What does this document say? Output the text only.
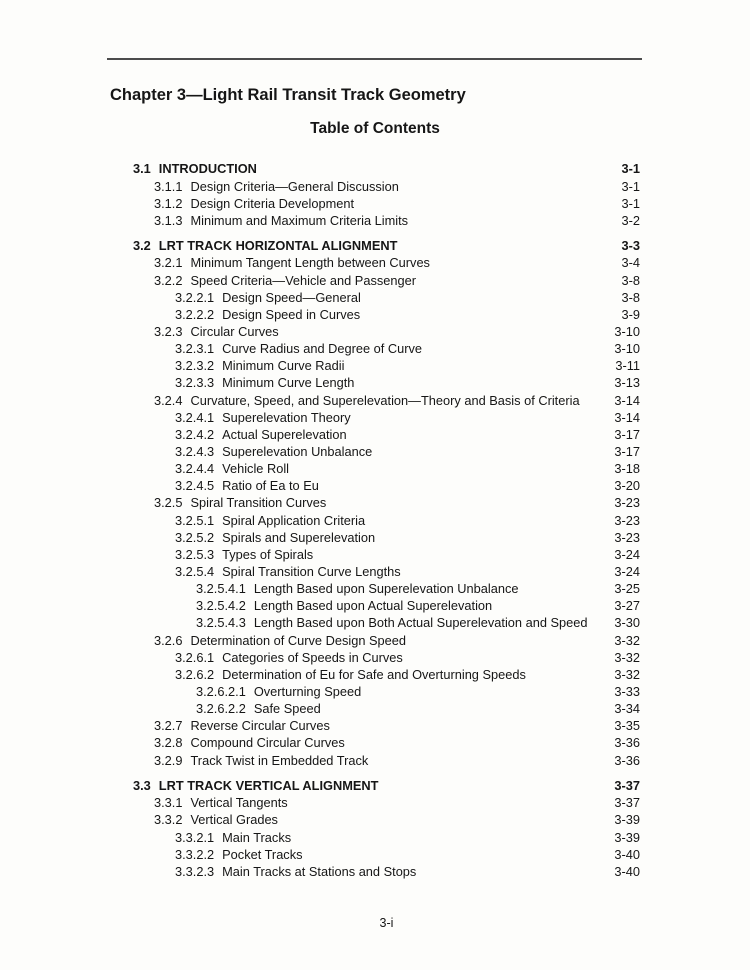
Chapter 3—Light Rail Transit Track Geometry
Table of Contents
3.1 INTRODUCTION	3-1
3.1.1 Design Criteria—General Discussion	3-1
3.1.2 Design Criteria Development	3-1
3.1.3 Minimum and Maximum Criteria Limits	3-2
3.2 LRT TRACK HORIZONTAL ALIGNMENT	3-3
3.2.1 Minimum Tangent Length between Curves	3-4
3.2.2 Speed Criteria—Vehicle and Passenger	3-8
3.2.2.1 Design Speed—General	3-8
3.2.2.2 Design Speed in Curves	3-9
3.2.3 Circular Curves	3-10
3.2.3.1 Curve Radius and Degree of Curve	3-10
3.2.3.2 Minimum Curve Radii	3-11
3.2.3.3 Minimum Curve Length	3-13
3.2.4 Curvature, Speed, and Superelevation—Theory and Basis of Criteria	3-14
3.2.4.1 Superelevation Theory	3-14
3.2.4.2 Actual Superelevation	3-17
3.2.4.3 Superelevation Unbalance	3-17
3.2.4.4 Vehicle Roll	3-18
3.2.4.5 Ratio of Ea to Eu	3-20
3.2.5 Spiral Transition Curves	3-23
3.2.5.1 Spiral Application Criteria	3-23
3.2.5.2 Spirals and Superelevation	3-23
3.2.5.3 Types of Spirals	3-24
3.2.5.4 Spiral Transition Curve Lengths	3-24
3.2.5.4.1 Length Based upon Superelevation Unbalance	3-25
3.2.5.4.2 Length Based upon Actual Superelevation	3-27
3.2.5.4.3 Length Based upon Both Actual Superelevation and Speed 3-30
3.2.6 Determination of Curve Design Speed	3-32
3.2.6.1 Categories of Speeds in Curves	3-32
3.2.6.2 Determination of Eu for Safe and Overturning Speeds	3-32
3.2.6.2.1 Overturning Speed	3-33
3.2.6.2.2 Safe Speed	3-34
3.2.7 Reverse Circular Curves	3-35
3.2.8 Compound Circular Curves	3-36
3.2.9 Track Twist in Embedded Track	3-36
3.3 LRT TRACK VERTICAL ALIGNMENT	3-37
3.3.1 Vertical Tangents	3-37
3.3.2 Vertical Grades	3-39
3.3.2.1 Main Tracks	3-39
3.3.2.2 Pocket Tracks	3-40
3.3.2.3 Main Tracks at Stations and Stops	3-40
3-i
